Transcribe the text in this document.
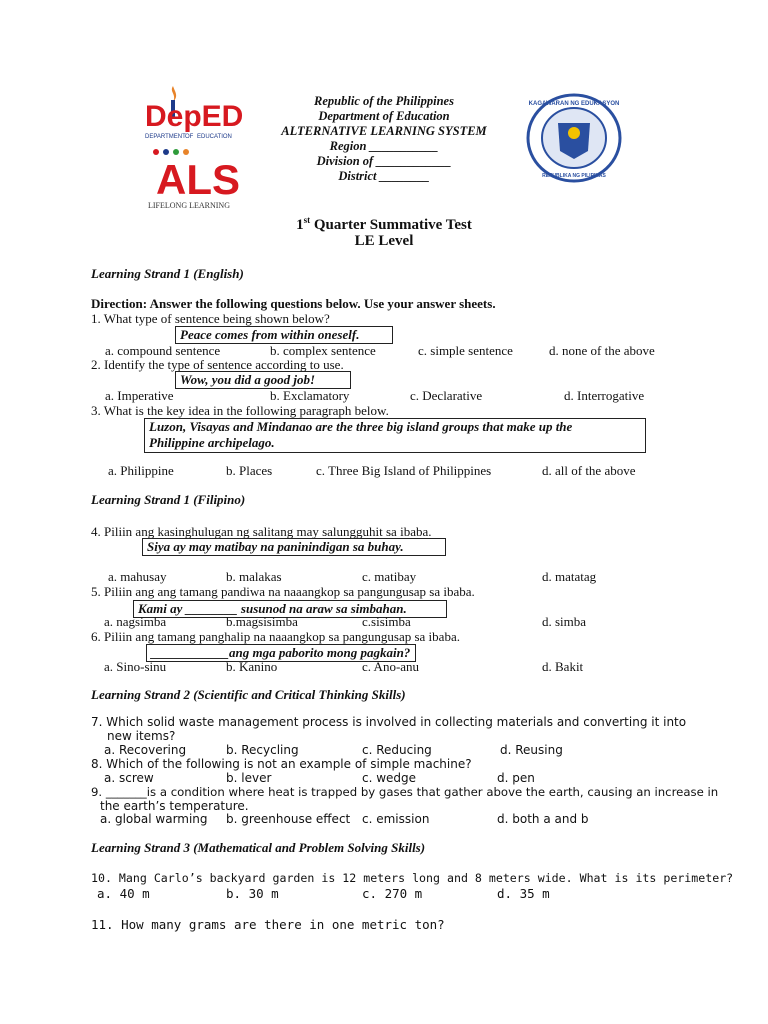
DepED
DEPARTMENT OF EDUCATION
ALS
LIFELONG LEARNING
KAGAWARAN NG EDUKASYON
REPUBLIKA NG PILIPINAS
Republic of the Philippines
Department of Education
ALTERNATIVE LEARNING SYSTEM
Region ___________
Division of ____________
District ________
1st Quarter Summative Test
LE Level
Learning Strand 1 (English)
Direction: Answer the following questions below. Use your answer sheets.
1. What type of sentence being shown below?
Peace comes from within oneself.
a. compound sentence	b. complex sentence	c. simple sentence	d. none of the above
2. Identify the type of sentence according to use.
Wow, you did a good job!
a. Imperative	b. Exclamatory	c. Declarative	d. Interrogative
3. What is the key idea in the following paragraph below.
Luzon, Visayas and Mindanao are the three big island groups that make up the
Philippine archipelago.
a. Philippine	b. Places	c. Three Big Island of Philippines	d. all of the above
Learning Strand 1 (Filipino)
4. Piliin ang kasinghulugan ng salitang may salungguhit sa ibaba.
Siya ay may matibay na paninindigan sa buhay.
a. mahusay	b. malakas	c. matibay	d. matatag
5. Piliin ang ang tamang pandiwa na naaangkop sa pangungusap sa ibaba.
Kami ay ________ susunod na araw sa simbahan.
a. nagsimba	b.magsisimba	c.sisimba	d. simba
6. Piliin ang tamang panghalip na naaangkop sa pangungusap sa ibaba.
____________ang mga paborito mong pagkain?
a. Sino-sinu	b. Kanino	c. Ano-anu	d. Bakit
Learning Strand 2 (Scientific and Critical Thinking Skills)
7. Which solid waste management process is involved in collecting materials and converting it into
new items?
a. Recovering	b. Recycling	c. Reducing	d. Reusing
8. Which of the following is not an example of simple machine?
a. screw	b. lever	c. wedge	d. pen
9. _______is a condition where heat is trapped by gases that gather above the earth, causing an increase in
the earth’s temperature.
a. global warming b. greenhouse effect c. emission	d. both a and b
Learning Strand 3 (Mathematical and Problem Solving Skills)
10. Mang Carlo’s backyard garden is 12 meters long and 8 meters wide. What is its perimeter?
a. 40 m	b. 30 m	c. 270 m	d. 35 m
11. How many grams are there in one metric ton?
